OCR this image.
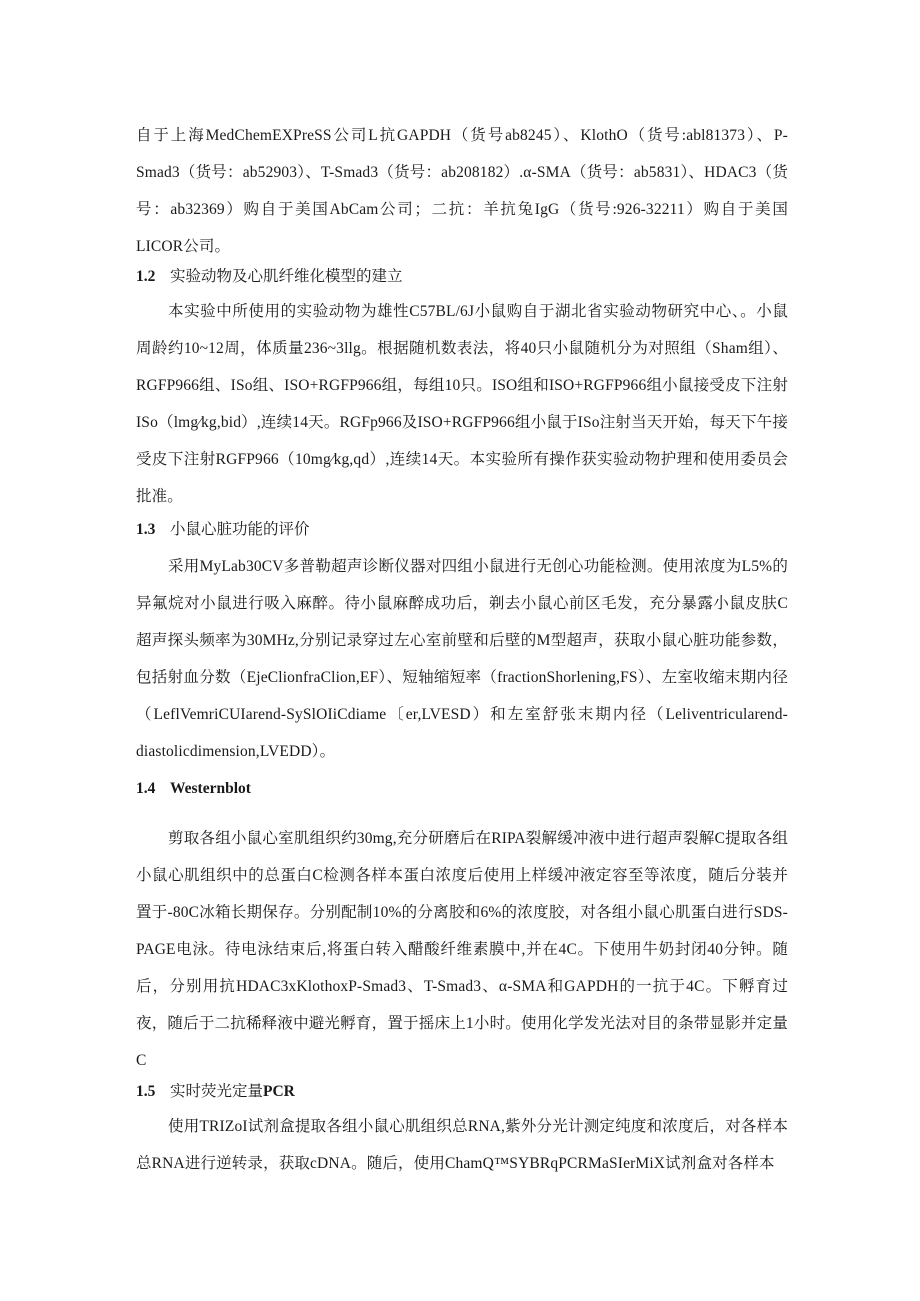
自于上海MedChemEXPreSS公司L抗GAPDH（货号ab8245）、KlothO（货号:abl81373）、P-Smad3（货号：ab52903）、T-Smad3（货号：ab208182）.α-SMA（货号：ab5831）、HDAC3（货号：ab32369）购自于美国AbCam公司；二抗：羊抗兔IgG（货号:926-32211）购自于美国LICOR公司。

1.2 实验动物及心肌纤维化模型的建立

本实验中所使用的实验动物为雄性C57BL/6J小鼠购自于湖北省实验动物研究中心、。小鼠周龄约10~12周，体质量236~3llg。根据随机数表法，将40只小鼠随机分为对照组（Sham组）、RGFP966组、ISo组、ISO+RGFP966组，每组10只。ISO组和ISO+RGFP966组小鼠接受皮下注射ISo（lmg∕kg,bid）,连续14天。RGFp966及ISO+RGFP966组小鼠于ISo注射当天开始，每天下午接受皮下注射RGFP966（10mg∕kg,qd）,连续14天。本实验所有操作获实验动物护理和使用委员会批准。

1.3 小鼠心脏功能的评价

采用MyLab30CV多普勒超声诊断仪器对四组小鼠进行无创心功能检测。使用浓度为L5%的异氟烷对小鼠进行吸入麻醉。待小鼠麻醉成功后，剃去小鼠心前区毛发，充分暴露小鼠皮肤C超声探头频率为30MHz,分别记录穿过左心室前壁和后壁的M型超声，获取小鼠心脏功能参数，包括射血分数（EjeClionfraClion,EF）、短轴缩短率（fractionShorlening,FS）、左室收缩末期内径（LeflVemriCUIarend-SySlOIiCdiame〔er,LVESD）和左室舒张末期内径（Leliventricularend-diastolicdimension,LVEDD）。

1.4 Westernblot

剪取各组小鼠心室肌组织约30mg,充分研磨后在RIPA裂解缓冲液中进行超声裂解C提取各组小鼠心肌组织中的总蛋白C检测各样本蛋白浓度后使用上样缓冲液定容至等浓度，随后分装并置于-80C冰箱长期保存。分别配制10%的分离胶和6%的浓度胶，对各组小鼠心肌蛋白进行SDS-PAGE电泳。待电泳结束后,将蛋白转入醋酸纤维素膜中,并在4C。下使用牛奶封闭40分钟。随后，分别用抗HDAC3xKlothoxP-Smad3、T-Smad3、α-SMA和GAPDH的一抗于4C。下孵育过夜，随后于二抗稀释液中避光孵育，置于摇床上1小时。使用化学发光法对目的条带显影并定量C

1.5 实时荧光定量PCR

使用TRIZoI试剂盒提取各组小鼠心肌组织总RNA,紫外分光计测定纯度和浓度后，对各样本总RNA进行逆转录，获取cDNA。随后，使用ChamQ™SYBRqPCRMaSIerMiX试剂盒对各样本
